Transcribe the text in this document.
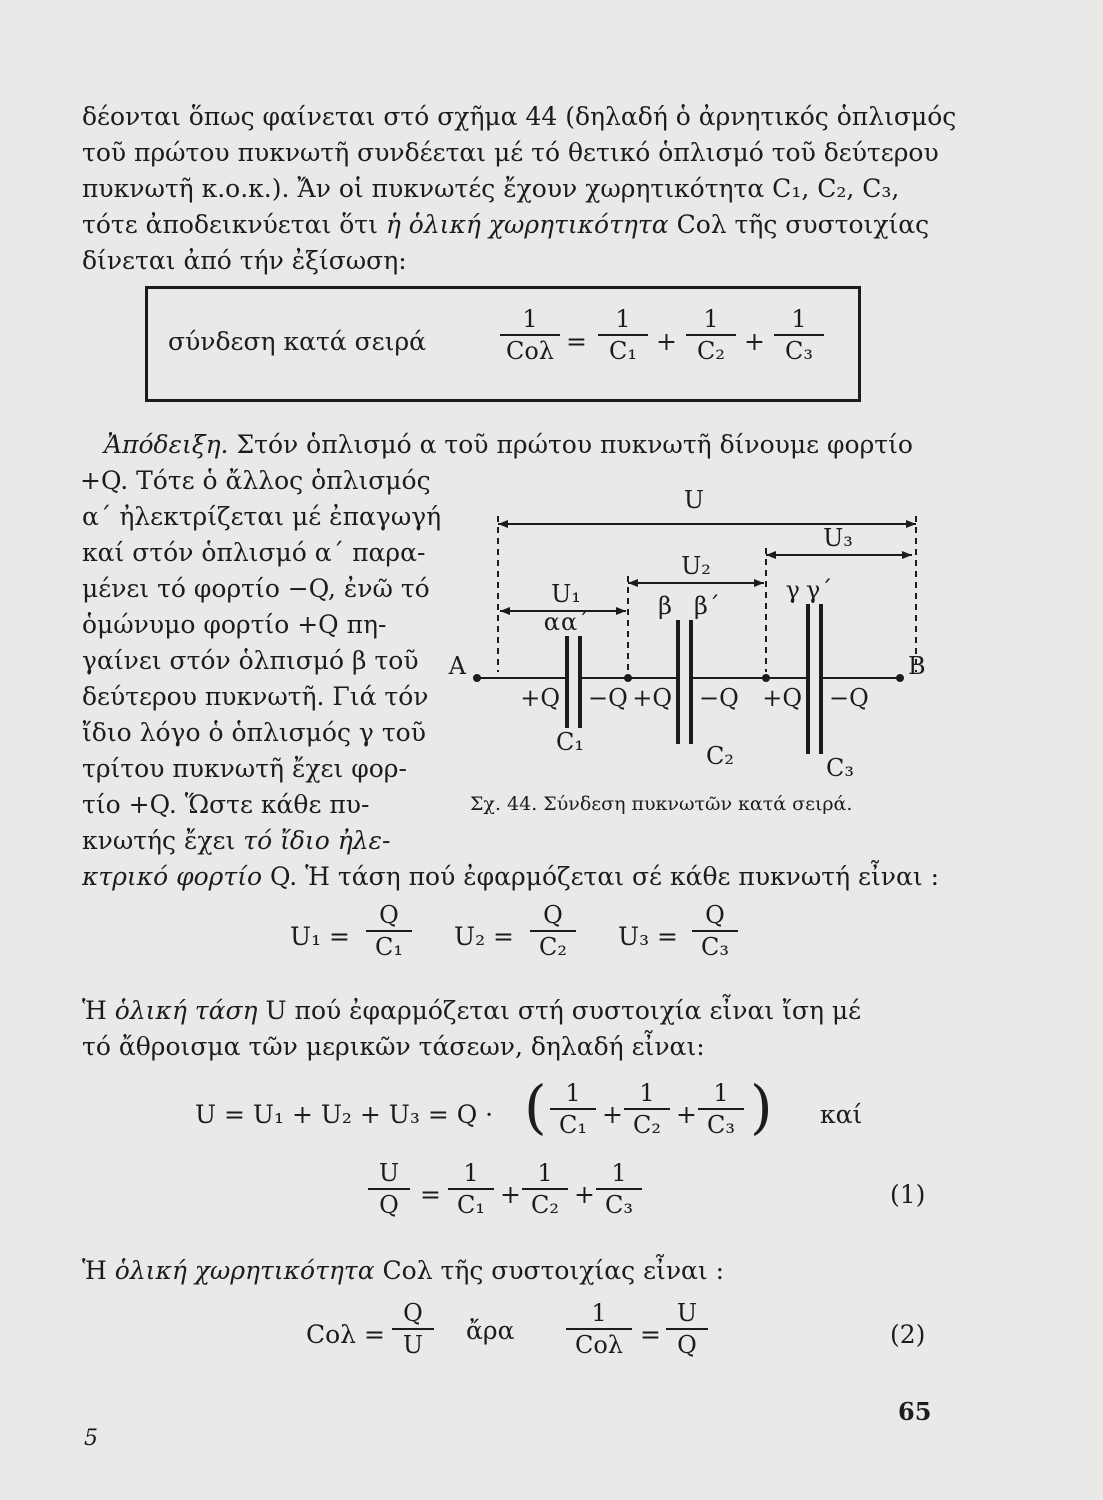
δέονται ὅπως φαίνεται στό σχῆμα 44 (δηλαδή ὁ ἀρνητικός ὁπλισμός
τοῦ πρώτου πυκνωτῆ συνδέεται μέ τό θετικό ὁπλισμό τοῦ δεύτερου
πυκνωτῆ κ.ο.κ.). Ἄν οἱ πυκνωτές ἔχουν χωρητικότητα C₁, C₂, C₃,
τότε ἀποδεικνύεται ὅτι ἡ ὁλική χωρητικότητα Cολ τῆς συστοιχίας
δίνεται ἀπό τήν ἐξίσωση:
σύνδεση κατά σειρά
1
Cολ =
1
C₁ +
1
C₂ +
1
C₃
Ἀπόδειξη. Στόν ὁπλισμό α τοῦ πρώτου πυκνωτῆ δίνουμε φορτίο
+Q. Τότε ὁ ἄλλος ὁπλισμός
α΄ ἠλεκτρίζεται μέ ἐπαγωγή
καί στόν ὁπλισμό α΄ παρα-
μένει τό φορτίο −Q, ἐνῶ τό
ὁμώνυμο φορτίο +Q πη-
γαίνει στόν ὁλπισμό β τοῦ
δεύτερου πυκνωτῆ. Γιά τόν
ἴδιο λόγο ὁ ὁπλισμός γ τοῦ
τρίτου πυκνωτῆ ἔχει φορ-
τίο +Q. Ὥστε κάθε πυ-
κνωτής ἔχει τό ἴδιο ἠλε-
κτρικό φορτίο Q. Ἡ τάση πού ἐφαρμόζεται σέ κάθε πυκνωτή εἶναι :
U
U₃
U₂
U₁
A	B
α α΄
β β΄
γ γ΄
+Q −Q +Q −Q +Q −Q
C₁	C₂	C₃
Σχ. 44. Σύνδεση πυκνωτῶν κατά σειρά.
U₁ =
Q
C₁ U₂ =
Q
C₂ U₃ =
Q
C₃
Ἡ ὁλική τάση U πού ἐφαρμόζεται στή συστοιχία εἶναι ἴση μέ
τό ἄθροισμα τῶν μερικῶν τάσεων, δηλαδή εἶναι:
U = U₁ + U₂ + U₃ = Q · ( 1
C₁ +
1
C₂ +
1
C₃ ) καί
U
Q =
1
C₁ +
1
C₂ +
1
C₃	(1)
Ἡ ὁλική χωρητικότητα Cολ τῆς συστοιχίας εἶναι :
Cολ =
Q
U
ἄρα
1
Cολ =
U
Q	(2)
65
5
